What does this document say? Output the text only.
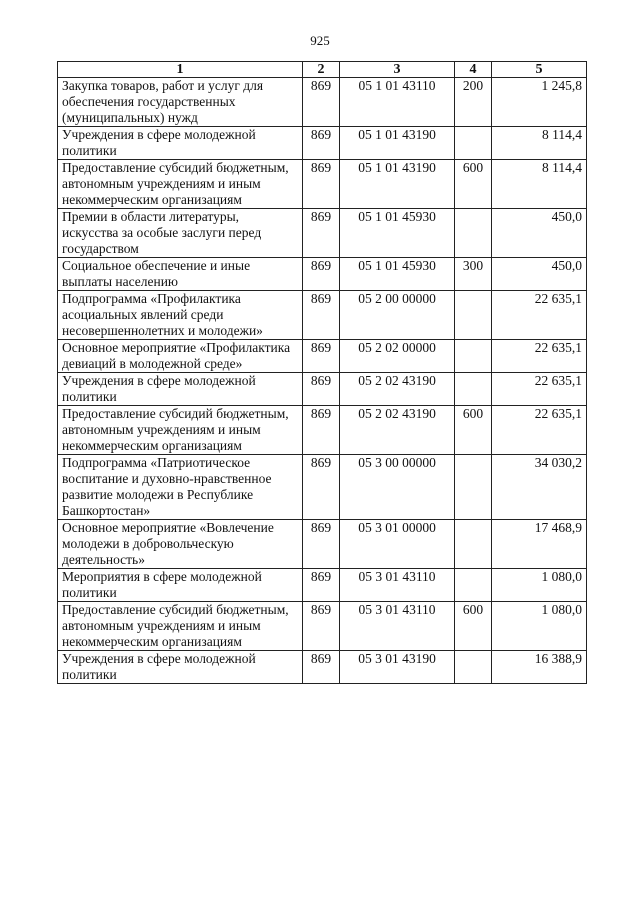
925
1	2	3	4	5
Закупка товаров, работ и услуг для обеспечения государственных (муниципальных) нужд	869	05 1 01 43110	200	1 245,8
Учреждения в сфере молодежной политики	869	05 1 01 43190		8 114,4
Предоставление субсидий бюджетным, автономным учреждениям и иным некоммерческим организациям	869	05 1 01 43190	600	8 114,4
Премии в области литературы, искусства за особые заслуги перед государством	869	05 1 01 45930		450,0
Социальное обеспечение и иные выплаты населению	869	05 1 01 45930	300	450,0
Подпрограмма «Профилактика асоциальных явлений среди несовершеннолетних и молодежи»	869	05 2 00 00000		22 635,1
Основное мероприятие «Профилактика девиаций в молодежной среде»	869	05 2 02 00000		22 635,1
Учреждения в сфере молодежной политики	869	05 2 02 43190		22 635,1
Предоставление субсидий бюджетным, автономным учреждениям и иным некоммерческим организациям	869	05 2 02 43190	600	22 635,1
Подпрограмма «Патриотическое воспитание и духовно-нравственное развитие молодежи в Республике Башкортостан»	869	05 3 00 00000		34 030,2
Основное мероприятие «Вовлечение молодежи в добровольческую деятельность»	869	05 3 01 00000		17 468,9
Мероприятия в сфере молодежной политики	869	05 3 01 43110		1 080,0
Предоставление субсидий бюджетным, автономным учреждениям и иным некоммерческим организациям	869	05 3 01 43110	600	1 080,0
Учреждения в сфере молодежной политики	869	05 3 01 43190		16 388,9
